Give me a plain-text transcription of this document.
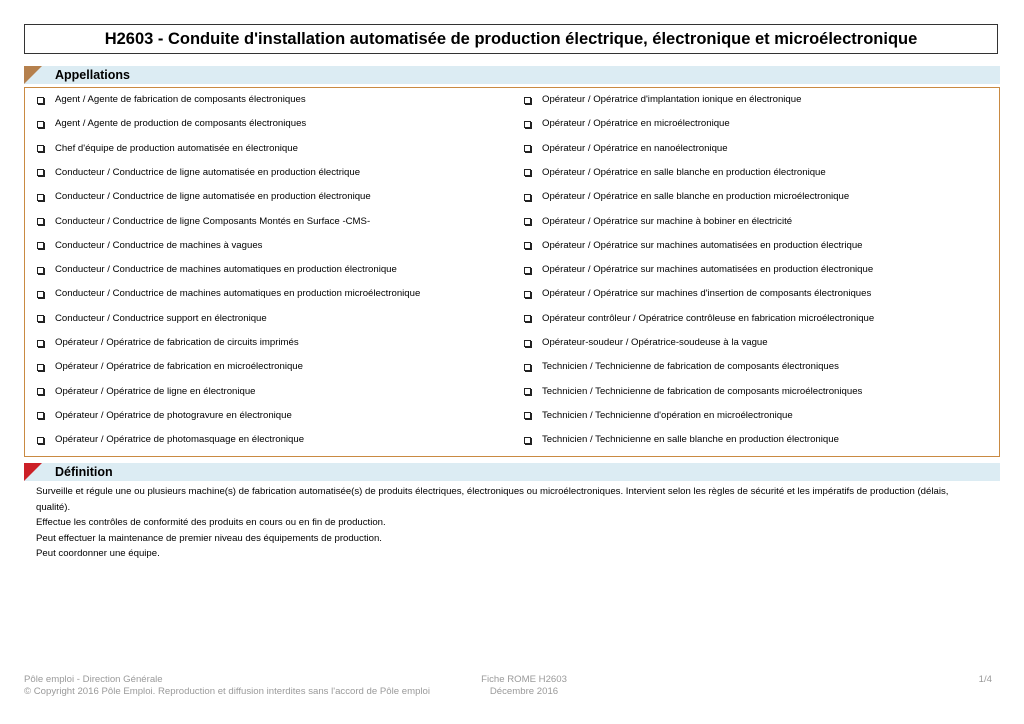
H2603 - Conduite d'installation automatisée de production électrique, électronique et microélectronique
Appellations
Agent / Agente de fabrication de composants électroniques
Agent / Agente de production de composants électroniques
Chef d'équipe de production automatisée en électronique
Conducteur / Conductrice de ligne automatisée en production électrique
Conducteur / Conductrice de ligne automatisée en production électronique
Conducteur / Conductrice de ligne Composants Montés en Surface -CMS-
Conducteur / Conductrice de machines à vagues
Conducteur / Conductrice de machines automatiques en production électronique
Conducteur / Conductrice de machines automatiques en production microélectronique
Conducteur / Conductrice support en électronique
Opérateur / Opératrice de fabrication de circuits imprimés
Opérateur / Opératrice de fabrication en microélectronique
Opérateur / Opératrice de ligne en électronique
Opérateur / Opératrice de photogravure en électronique
Opérateur / Opératrice de photomasquage en électronique
Opérateur / Opératrice d'implantation ionique en électronique
Opérateur / Opératrice en microélectronique
Opérateur / Opératrice en nanoélectronique
Opérateur / Opératrice en salle blanche en production électronique
Opérateur / Opératrice en salle blanche en production microélectronique
Opérateur / Opératrice sur machine à bobiner en électricité
Opérateur / Opératrice sur machines automatisées en production électrique
Opérateur / Opératrice sur machines automatisées en production électronique
Opérateur / Opératrice sur machines d'insertion de composants électroniques
Opérateur contrôleur / Opératrice contrôleuse en fabrication microélectronique
Opérateur-soudeur / Opératrice-soudeuse à la vague
Technicien / Technicienne de fabrication de composants électroniques
Technicien / Technicienne de fabrication de composants microélectroniques
Technicien / Technicienne d'opération en microélectronique
Technicien / Technicienne en salle blanche en production électronique
Définition

Surveille et régule une ou plusieurs machine(s) de fabrication automatisée(s) de produits électriques, électroniques ou microélectroniques. Intervient selon les règles de sécurité et les impératifs de production (délais, qualité).

Effectue les contrôles de conformité des produits en cours ou en fin de production.

Peut effectuer la maintenance de premier niveau des équipements de production.

Peut coordonner une équipe.

Pôle emploi - Direction Générale
© Copyright 2016 Pôle Emploi. Reproduction et diffusion interdites sans l'accord de Pôle emploi
Fiche ROME H2603
Décembre 2016
1/4
